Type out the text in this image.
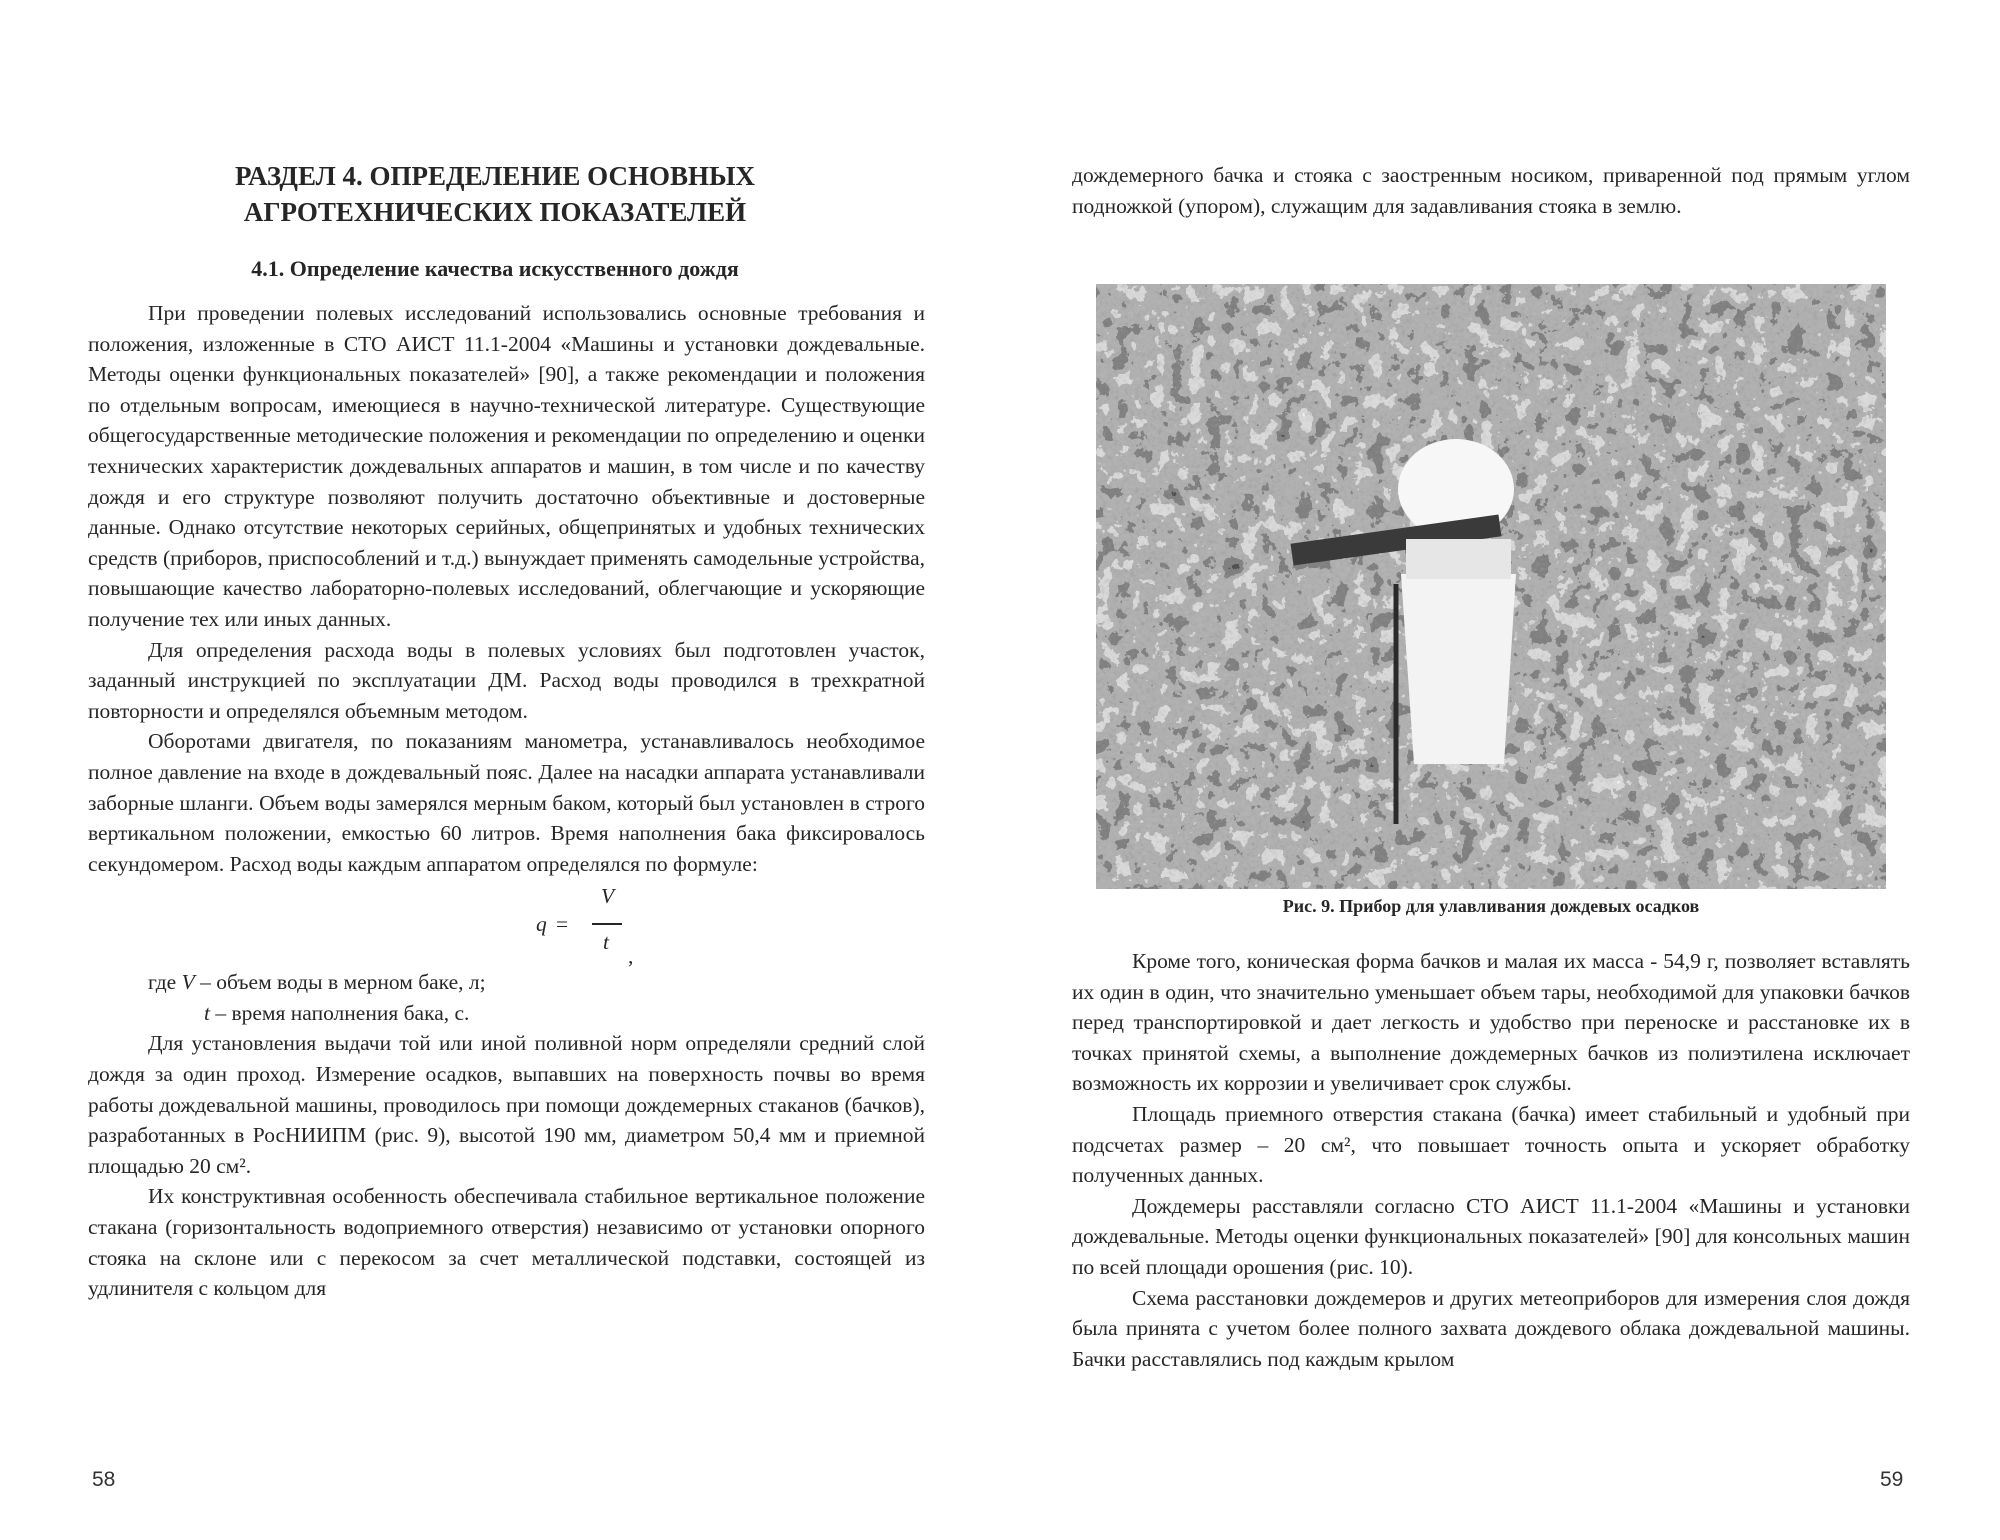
РАЗДЕЛ 4. ОПРЕДЕЛЕНИЕ ОСНОВНЫХ АГРОТЕХНИЧЕСКИХ ПОКАЗАТЕЛЕЙ
4.1. Определение качества искусственного дождя

При проведении полевых исследований использовались основные требования и положения, изложенные в СТО АИСТ 11.1-2004 «Машины и установки дождевальные. Методы оценки функциональных показателей» [90], а также рекомендации и положения по отдельным вопросам, имеющиеся в научно-технической литературе. Существующие общегосударственные методические положения и рекомендации по определению и оценки технических характеристик дождевальных аппаратов и машин, в том числе и по качеству дождя и его структуре позволяют получить достаточно объективные и достоверные данные. Однако отсутствие некоторых серийных, общепринятых и удобных технических средств (приборов, приспособлений и т.д.) вынуждает применять самодельные устройства, повышающие качество лабораторно-полевых исследований, облегчающие и ускоряющие получение тех или иных данных.

Для определения расхода воды в полевых условиях был подготовлен участок, заданный инструкцией по эксплуатации ДМ. Расход воды проводился в трехкратной повторности и определялся объемным методом.

Оборотами двигателя, по показаниям манометра, устанавливалось необходимое полное давление на входе в дождевальный пояс. Далее на насадки аппарата устанавливали заборные шланги. Объем воды замерялся мерным баком, который был установлен в строго вертикальном положении, емкостью 60 литров. Время наполнения бака фиксировалось секундомером. Расход воды каждым аппаратом определялся по формуле:

q =
V
t
,

где V – объем воды в мерном баке, л;

t – время наполнения бака, с.

Для установления выдачи той или иной поливной норм определяли средний слой дождя за один проход. Измерение осадков, выпавших на поверхность почвы во время работы дождевальной машины, проводилось при помощи дождемерных стаканов (бачков), разработанных в РосНИИПМ (рис. 9), высотой 190 мм, диаметром 50,4 мм и приемной площадью 20 см².

Их конструктивная особенность обеспечивала стабильное вертикальное положение стакана (горизонтальность водоприемного отверстия) независимо от установки опорного стояка на склоне или с перекосом за счет металлической подставки, состоящей из удлинителя с кольцом для

58

дождемерного бачка и стояка с заостренным носиком, приваренной под прямым углом подножкой (упором), служащим для задавливания стояка в землю.

Рис. 9. Прибор для улавливания дождевых осадков

Кроме того, коническая форма бачков и малая их масса - 54,9 г, позволяет вставлять их один в один, что значительно уменьшает объем тары, необходимой для упаковки бачков перед транспортировкой и дает легкость и удобство при переноске и расстановке их в точках принятой схемы, а выполнение дождемерных бачков из полиэтилена исключает возможность их коррозии и увеличивает срок службы.

Площадь приемного отверстия стакана (бачка) имеет стабильный и удобный при подсчетах размер – 20 см², что повышает точность опыта и ускоряет обработку полученных данных.

Дождемеры расставляли согласно СТО АИСТ 11.1-2004 «Машины и установки дождевальные. Методы оценки функциональных показателей» [90] для консольных машин по всей площади орошения (рис. 10).

Схема расстановки дождемеров и других метеоприборов для измерения слоя дождя была принята с учетом более полного захвата дождевого облака дождевальной машины. Бачки расставлялись под каждым крылом

59
